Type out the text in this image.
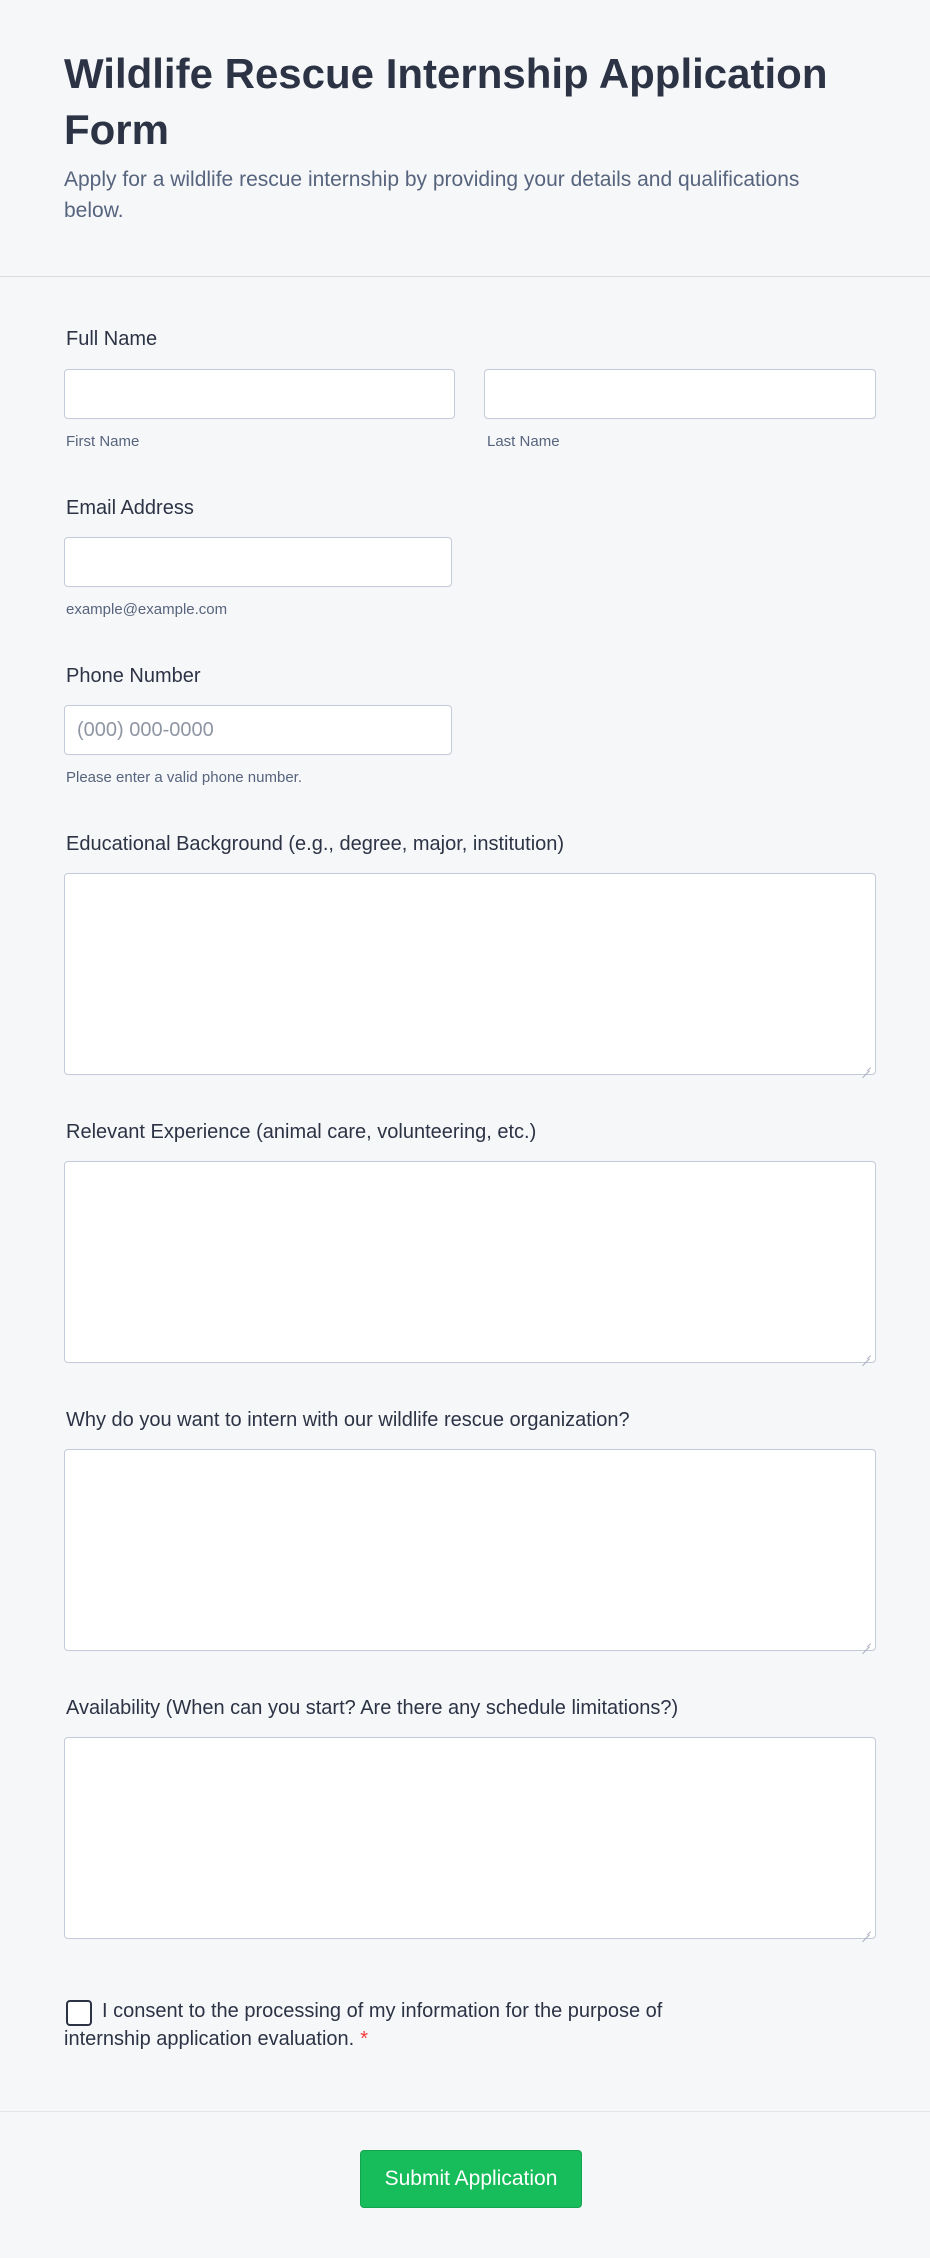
Wildlife Rescue Internship Application Form

Apply for a wildlife rescue internship by providing your details and qualifications below.

Full Name
First Name	Last Name
Email Address
example@example.com
Phone Number
(000) 000-0000
Please enter a valid phone number.
Educational Background (e.g., degree, major, institution)
Relevant Experience (animal care, volunteering, etc.)
Why do you want to intern with our wildlife rescue organization?
Availability (When can you start? Are there any schedule limitations?)

I consent to the processing of my information for the purpose of internship application evaluation. *

Submit Application
